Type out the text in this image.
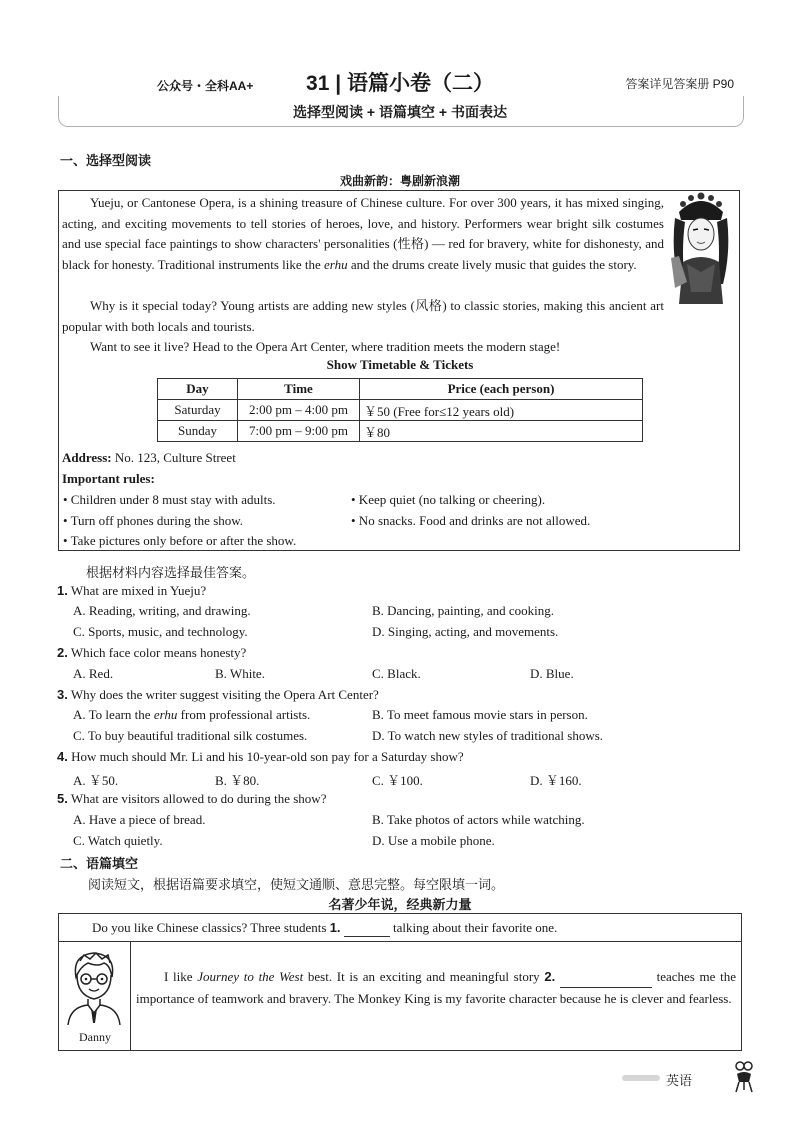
公众号・全科AA+	31 | 语篇小卷（二）	答案详见答案册 P90
选择型阅读 + 语篇填空 + 书面表达
一、选择型阅读
戏曲新韵：粤剧新浪潮
Yueju, or Cantonese Opera, is a shining treasure of Chinese culture. For over 300 years, it has mixed singing, acting, and exciting movements to tell stories of heroes, love, and history. Performers wear bright silk costumes and use special face paintings to show characters' personalities (性格) — red for bravery, white for dishonesty, and black for honesty. Traditional instruments like the erhu and the drums create lively music that guides the story.
Why is it special today? Young artists are adding new styles (风格) to classic stories, making this ancient art popular with both locals and tourists.
Want to see it live? Head to the Opera Art Center, where tradition meets the modern stage!
Show Timetable & Tickets
Day	Time	Price (each person)
Saturday	2:00 pm – 4:00 pm	￥50 (Free for≤12 years old)
Sunday	7:00 pm – 9:00 pm	￥80
Address: No. 123, Culture Street
Important rules:
• Children under 8 must stay with adults.	• Keep quiet (no talking or cheering).
• Turn off phones during the show.	• No snacks. Food and drinks are not allowed.
• Take pictures only before or after the show.
根据材料内容选择最佳答案。
1. What are mixed in Yueju?
A. Reading, writing, and drawing.	B. Dancing, painting, and cooking.
C. Sports, music, and technology.	D. Singing, acting, and movements.
2. Which face color means honesty?
A. Red.	B. White.	C. Black.	D. Blue.
3. Why does the writer suggest visiting the Opera Art Center?
A. To learn the erhu from professional artists.	B. To meet famous movie stars in person.
C. To buy beautiful traditional silk costumes.	D. To watch new styles of traditional shows.
4. How much should Mr. Li and his 10-year-old son pay for a Saturday show?
A. ￥50.	B. ￥80.	C. ￥100.	D. ￥160.
5. What are visitors allowed to do during the show?
A. Have a piece of bread.	B. Take photos of actors while watching.
C. Watch quietly.	D. Use a mobile phone.
二、语篇填空
阅读短文，根据语篇要求填空，使短文通顺、意思完整。每空限填一词。
名著少年说，经典新力量
Do you like Chinese classics? Three students 1.	talking about their favorite one.
Danny
I like Journey to the West best. It is an exciting and meaningful story 2.	teaches me the importance of teamwork and bravery. The Monkey King is my favorite character because he is clever and fearless.
英语
